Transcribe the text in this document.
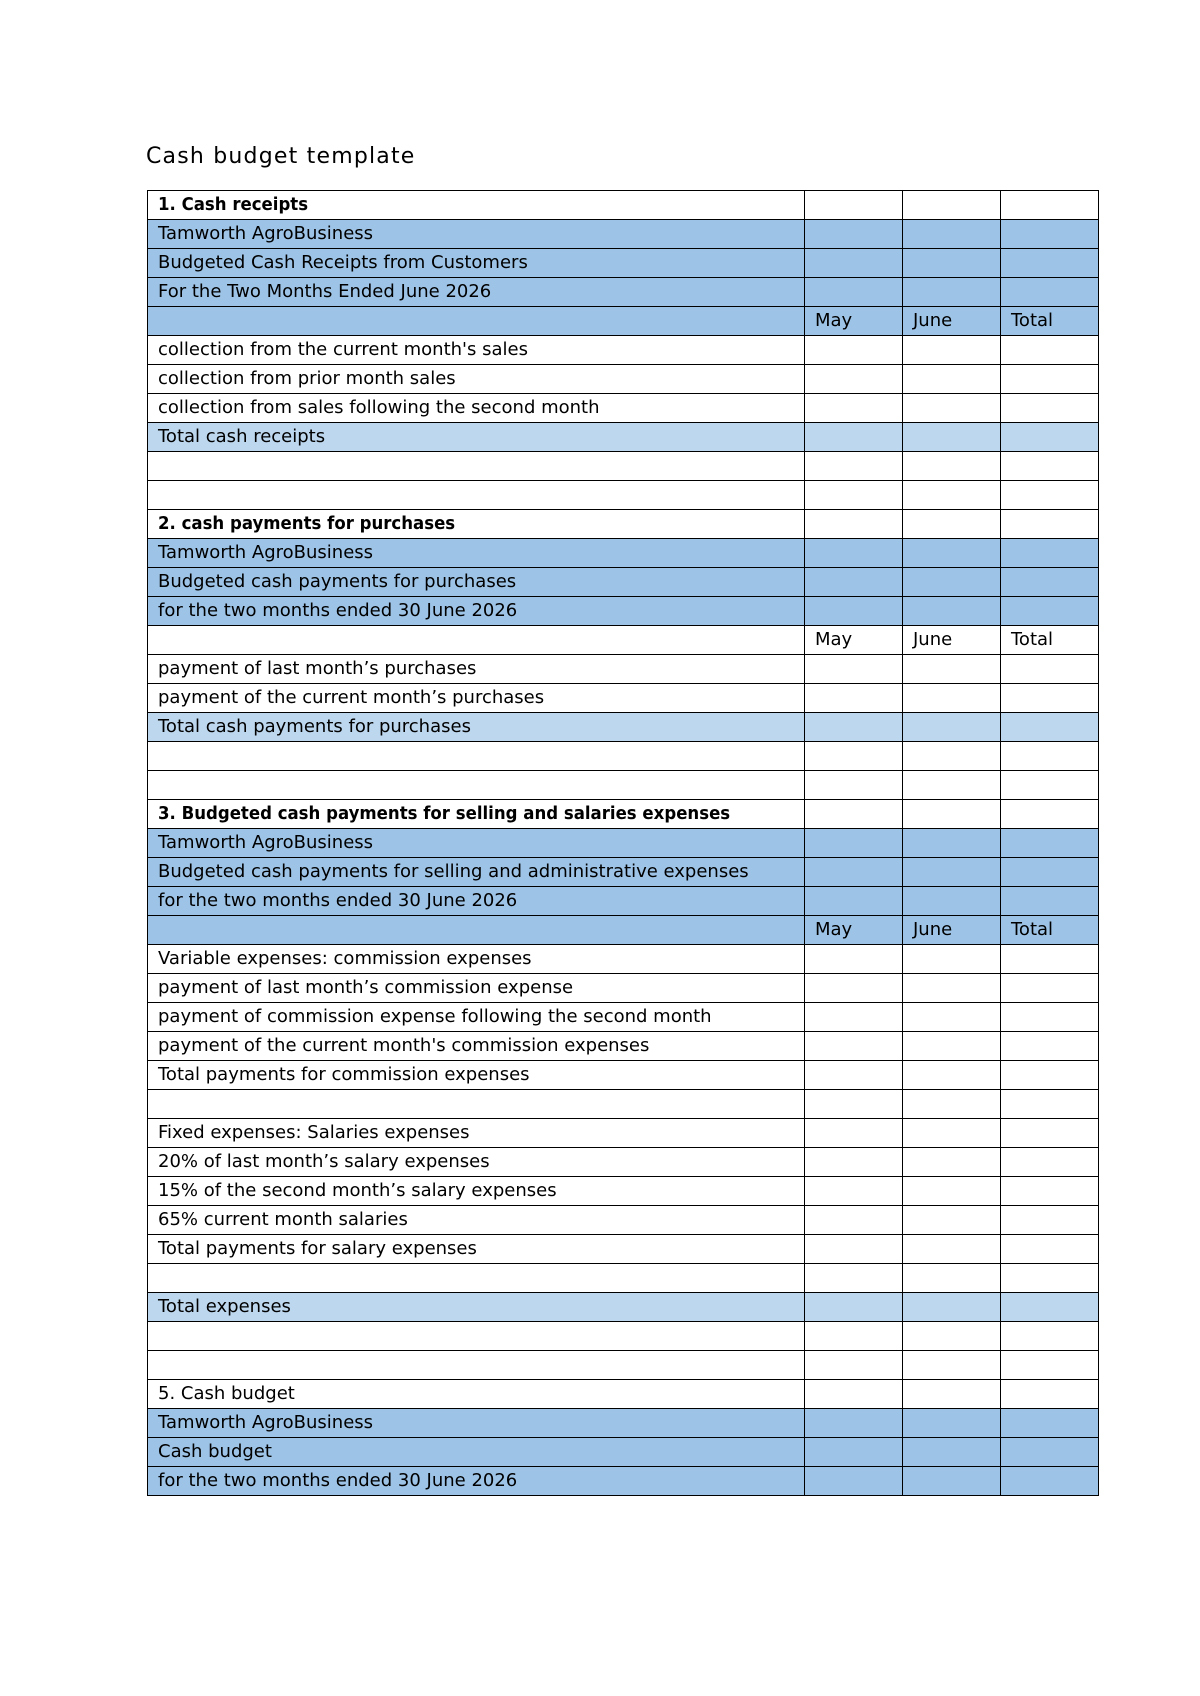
Cash budget template
1. Cash receipts			
Tamworth AgroBusiness			
Budgeted Cash Receipts from Customers			
For the Two Months Ended June 2026			
	May	June	Total
collection from the current month's sales			
collection from prior month sales			
collection from sales following the second month			
Total cash receipts			

2. cash payments for purchases			
Tamworth AgroBusiness			
Budgeted cash payments for purchases			
for the two months ended 30 June 2026			
	May	June	Total
payment of last month’s purchases			
payment of the current month’s purchases			
Total cash payments for purchases			

3. Budgeted cash payments for selling and salaries expenses			
Tamworth AgroBusiness			
Budgeted cash payments for selling and administrative expenses			
for the two months ended 30 June 2026			
	May	June	Total
Variable expenses: commission expenses			
payment of last month’s commission expense			
payment of commission expense following the second month			
payment of the current month's commission expenses			
Total payments for commission expenses			

Fixed expenses: Salaries expenses			
20% of last month’s salary expenses			
15% of the second month’s salary expenses			
65% current month salaries			
Total payments for salary expenses			

Total expenses			

5. Cash budget			
Tamworth AgroBusiness			
Cash budget			
for the two months ended 30 June 2026			
